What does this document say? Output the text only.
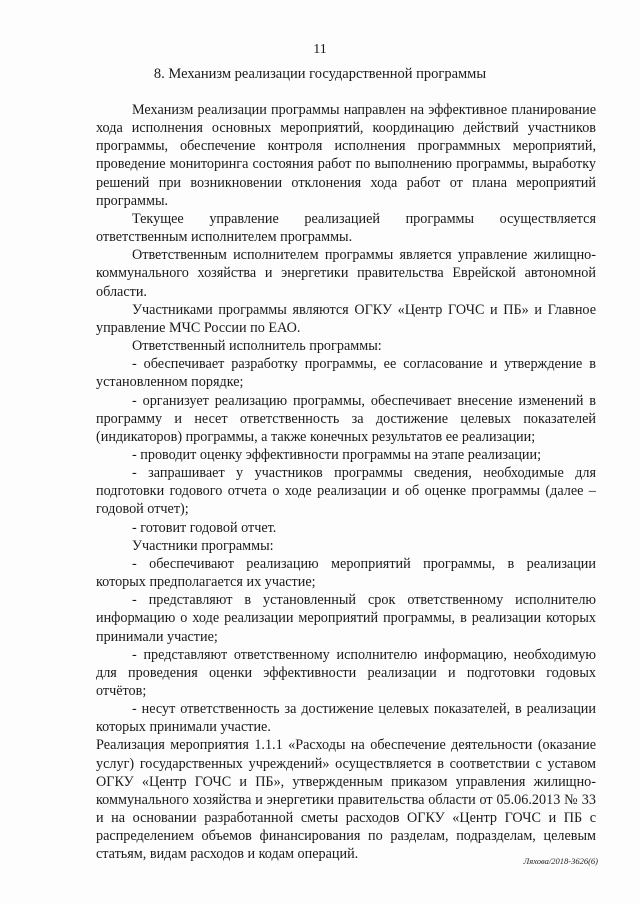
11
8. Механизм реализации государственной программы

Механизм реализации программы направлен на эффективное планирование хода исполнения основных мероприятий, координацию действий участников программы, обеспечение контроля исполнения программных мероприятий, проведение мониторинга состояния работ по выполнению программы, выработку решений при возникновении отклонения хода работ от плана мероприятий программы.

Текущее управление реализацией программы осуществляется ответственным исполнителем программы.

Ответственным исполнителем программы является управление жилищно-коммунального хозяйства и энергетики правительства Еврейской автономной области.

Участниками программы являются ОГКУ «Центр ГОЧС и ПБ» и Главное управление МЧС России по ЕАО.

Ответственный исполнитель программы:

- обеспечивает разработку программы, ее согласование и утверждение в установленном порядке;

- организует реализацию программы, обеспечивает внесение изменений в программу и несет ответственность за достижение целевых показателей (индикаторов) программы, а также конечных результатов ее реализации;

- проводит оценку эффективности программы на этапе реализации;

- запрашивает у участников программы сведения, необходимые для подготовки годового отчета о ходе реализации и об оценке программы (далее – годовой отчет);

- готовит годовой отчет.

Участники программы:

- обеспечивают реализацию мероприятий программы, в реализации которых предполагается их участие;

- представляют в установленный срок ответственному исполнителю информацию о ходе реализации мероприятий программы, в реализации которых принимали участие;

- представляют ответственному исполнителю информацию, необходимую для проведения оценки эффективности реализации и подготовки годовых отчётов;

- несут ответственность за достижение целевых показателей, в реализации которых принимали участие.

Реализация мероприятия 1.1.1 «Расходы на обеспечение деятельности (оказание услуг) государственных учреждений» осуществляется в соответствии с уставом ОГКУ «Центр ГОЧС и ПБ», утвержденным приказом управления жилищно-коммунального хозяйства и энергетики правительства области от 05.06.2013 № 33 и на основании разработанной сметы расходов ОГКУ «Центр ГОЧС и ПБ с распределением объемов финансирования по разделам, подразделам, целевым статьям, видам расходов и кодам операций.	Ляхова/2018-3626(6)
